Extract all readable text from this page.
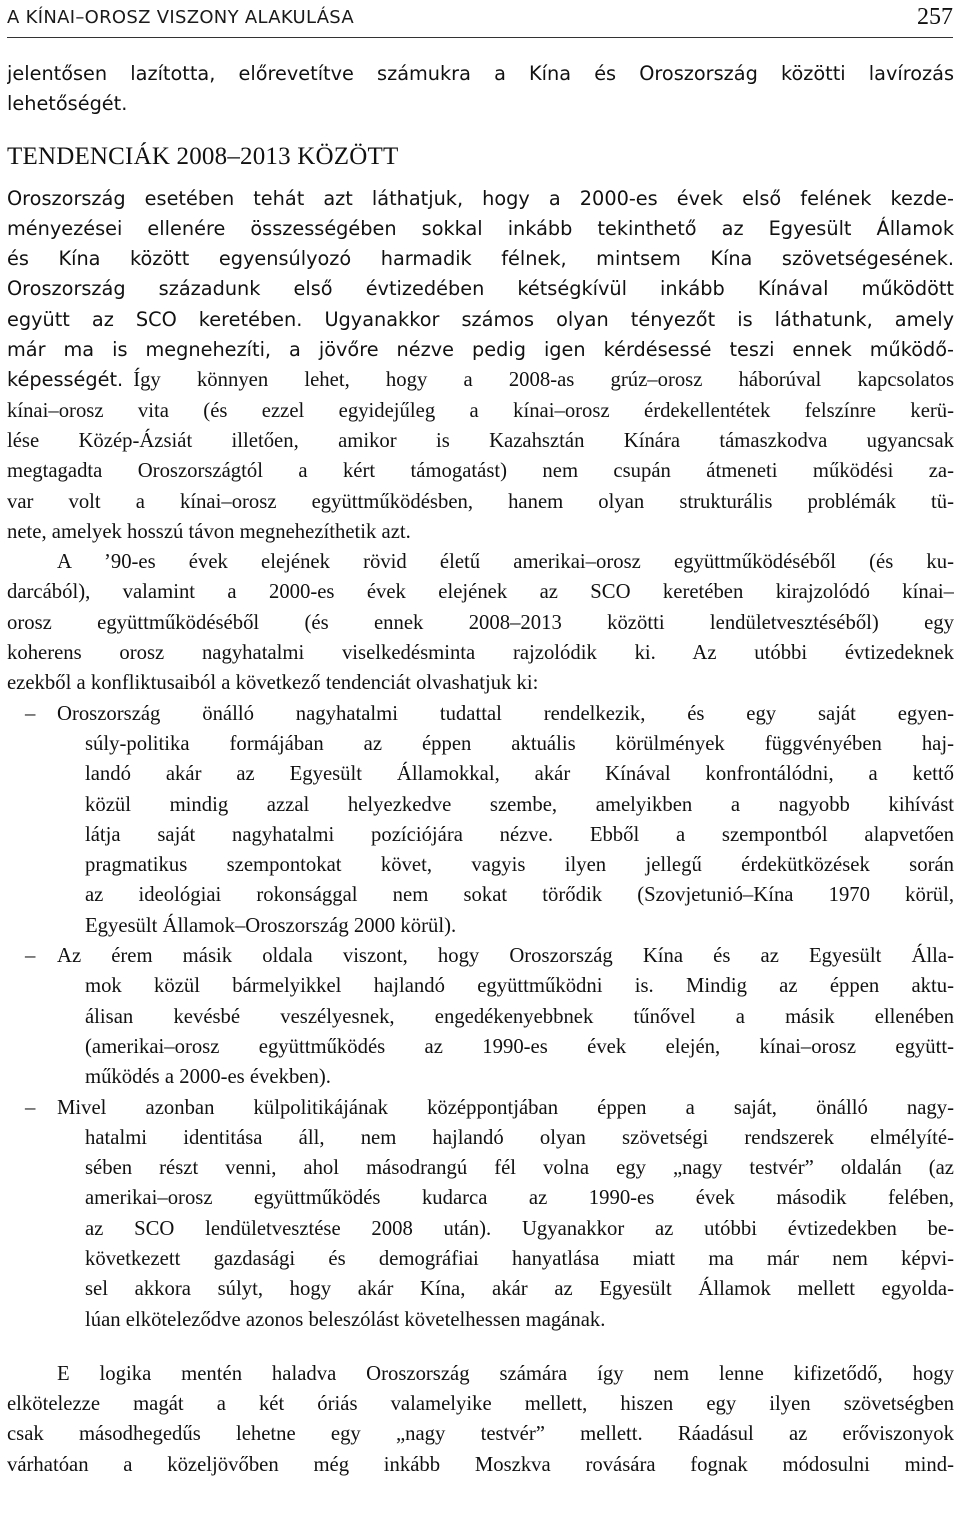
A KÍNAI–OROSZ VISZONY ALAKULÁSA	257
jelentősen lazította, előrevetítve számukra a Kína és Oroszország közötti lavírozás
lehetőségét.
TENDENCIÁK 2008–2013 KÖZÖTT
Oroszország esetében tehát azt láthatjuk, hogy a 2000-es évek első felének kezde-
ményezései ellenére összességében sokkal inkább tekinthető az Egyesült Államok
és Kína között egyensúlyozó harmadik félnek, mintsem Kína szövetségesének.
Oroszország századunk első évtizedében kétségkívül inkább Kínával működött
együtt az SCO keretében. Ugyanakkor számos olyan tényezőt is láthatunk, amely
már ma is megnehezíti, a jövőre nézve pedig igen kérdésessé teszi ennek működő-
képességét. Így könnyen lehet, hogy a 2008-as grúz–orosz háborúval kapcsolatos
kínai–orosz vita (és ezzel egyidejűleg a kínai–orosz érdekellentétek felszínre kerü-
lése Közép-Ázsiát illetően, amikor is Kazahsztán Kínára támaszkodva ugyancsak
megtagadta Oroszországtól a kért támogatást) nem csupán átmeneti működési za-
var volt a kínai–orosz együttműködésben, hanem olyan strukturális problémák tü-
nete, amelyek hosszú távon megnehezíthetik azt.
A ’90-es évek elejének rövid életű amerikai–orosz együttműködéséből (és ku-
darcából), valamint a 2000-es évek elejének az SCO keretében kirajzolódó kínai–
orosz együttműködéséből (és ennek 2008–2013 közötti lendületvesztéséből) egy
koherens orosz nagyhatalmi viselkedésminta rajzolódik ki. Az utóbbi évtizedeknek
ezekből a konfliktusaiból a következő tendenciát olvashatjuk ki:
– Oroszország önálló nagyhatalmi tudattal rendelkezik, és egy saját egyen-
súly-politika formájában az éppen aktuális körülmények függvényében haj-
landó akár az Egyesült Államokkal, akár Kínával konfrontálódni, a kettő
közül mindig azzal helyezkedve szembe, amelyikben a nagyobb kihívást
látja saját nagyhatalmi pozíciójára nézve. Ebből a szempontból alapvetően
pragmatikus szempontokat követ, vagyis ilyen jellegű érdekütközések során
az ideológiai rokonsággal nem sokat törődik (Szovjetunió–Kína 1970 körül,
Egyesült Államok–Oroszország 2000 körül).
– Az érem másik oldala viszont, hogy Oroszország Kína és az Egyesült Álla-
mok közül bármelyikkel hajlandó együttműködni is. Mindig az éppen aktu-
álisan kevésbé veszélyesnek, engedékenyebbnek tűnővel a másik ellenében
(amerikai–orosz együttműködés az 1990-es évek elején, kínai–orosz együtt-
működés a 2000-es években).
– Mivel azonban külpolitikájának középpontjában éppen a saját, önálló nagy-
hatalmi identitása áll, nem hajlandó olyan szövetségi rendszerek elmélyíté-
sében részt venni, ahol másodrangú fél volna egy „nagy testvér” oldalán (az
amerikai–orosz együttműködés kudarca az 1990-es évek második felében,
az SCO lendületvesztése 2008 után). Ugyanakkor az utóbbi évtizedekben be-
következett gazdasági és demográfiai hanyatlása miatt ma már nem képvi-
sel akkora súlyt, hogy akár Kína, akár az Egyesült Államok mellett egyolda-
lúan elköteleződve azonos beleszólást követelhessen magának.
E logika mentén haladva Oroszország számára így nem lenne kifizetődő, hogy
elkötelezze magát a két óriás valamelyike mellett, hiszen egy ilyen szövetségben
csak másodhegedűs lehetne egy „nagy testvér” mellett. Ráadásul az erőviszonyok
várhatóan a közeljövőben még inkább Moszkva rovására fognak módosulni mind-
